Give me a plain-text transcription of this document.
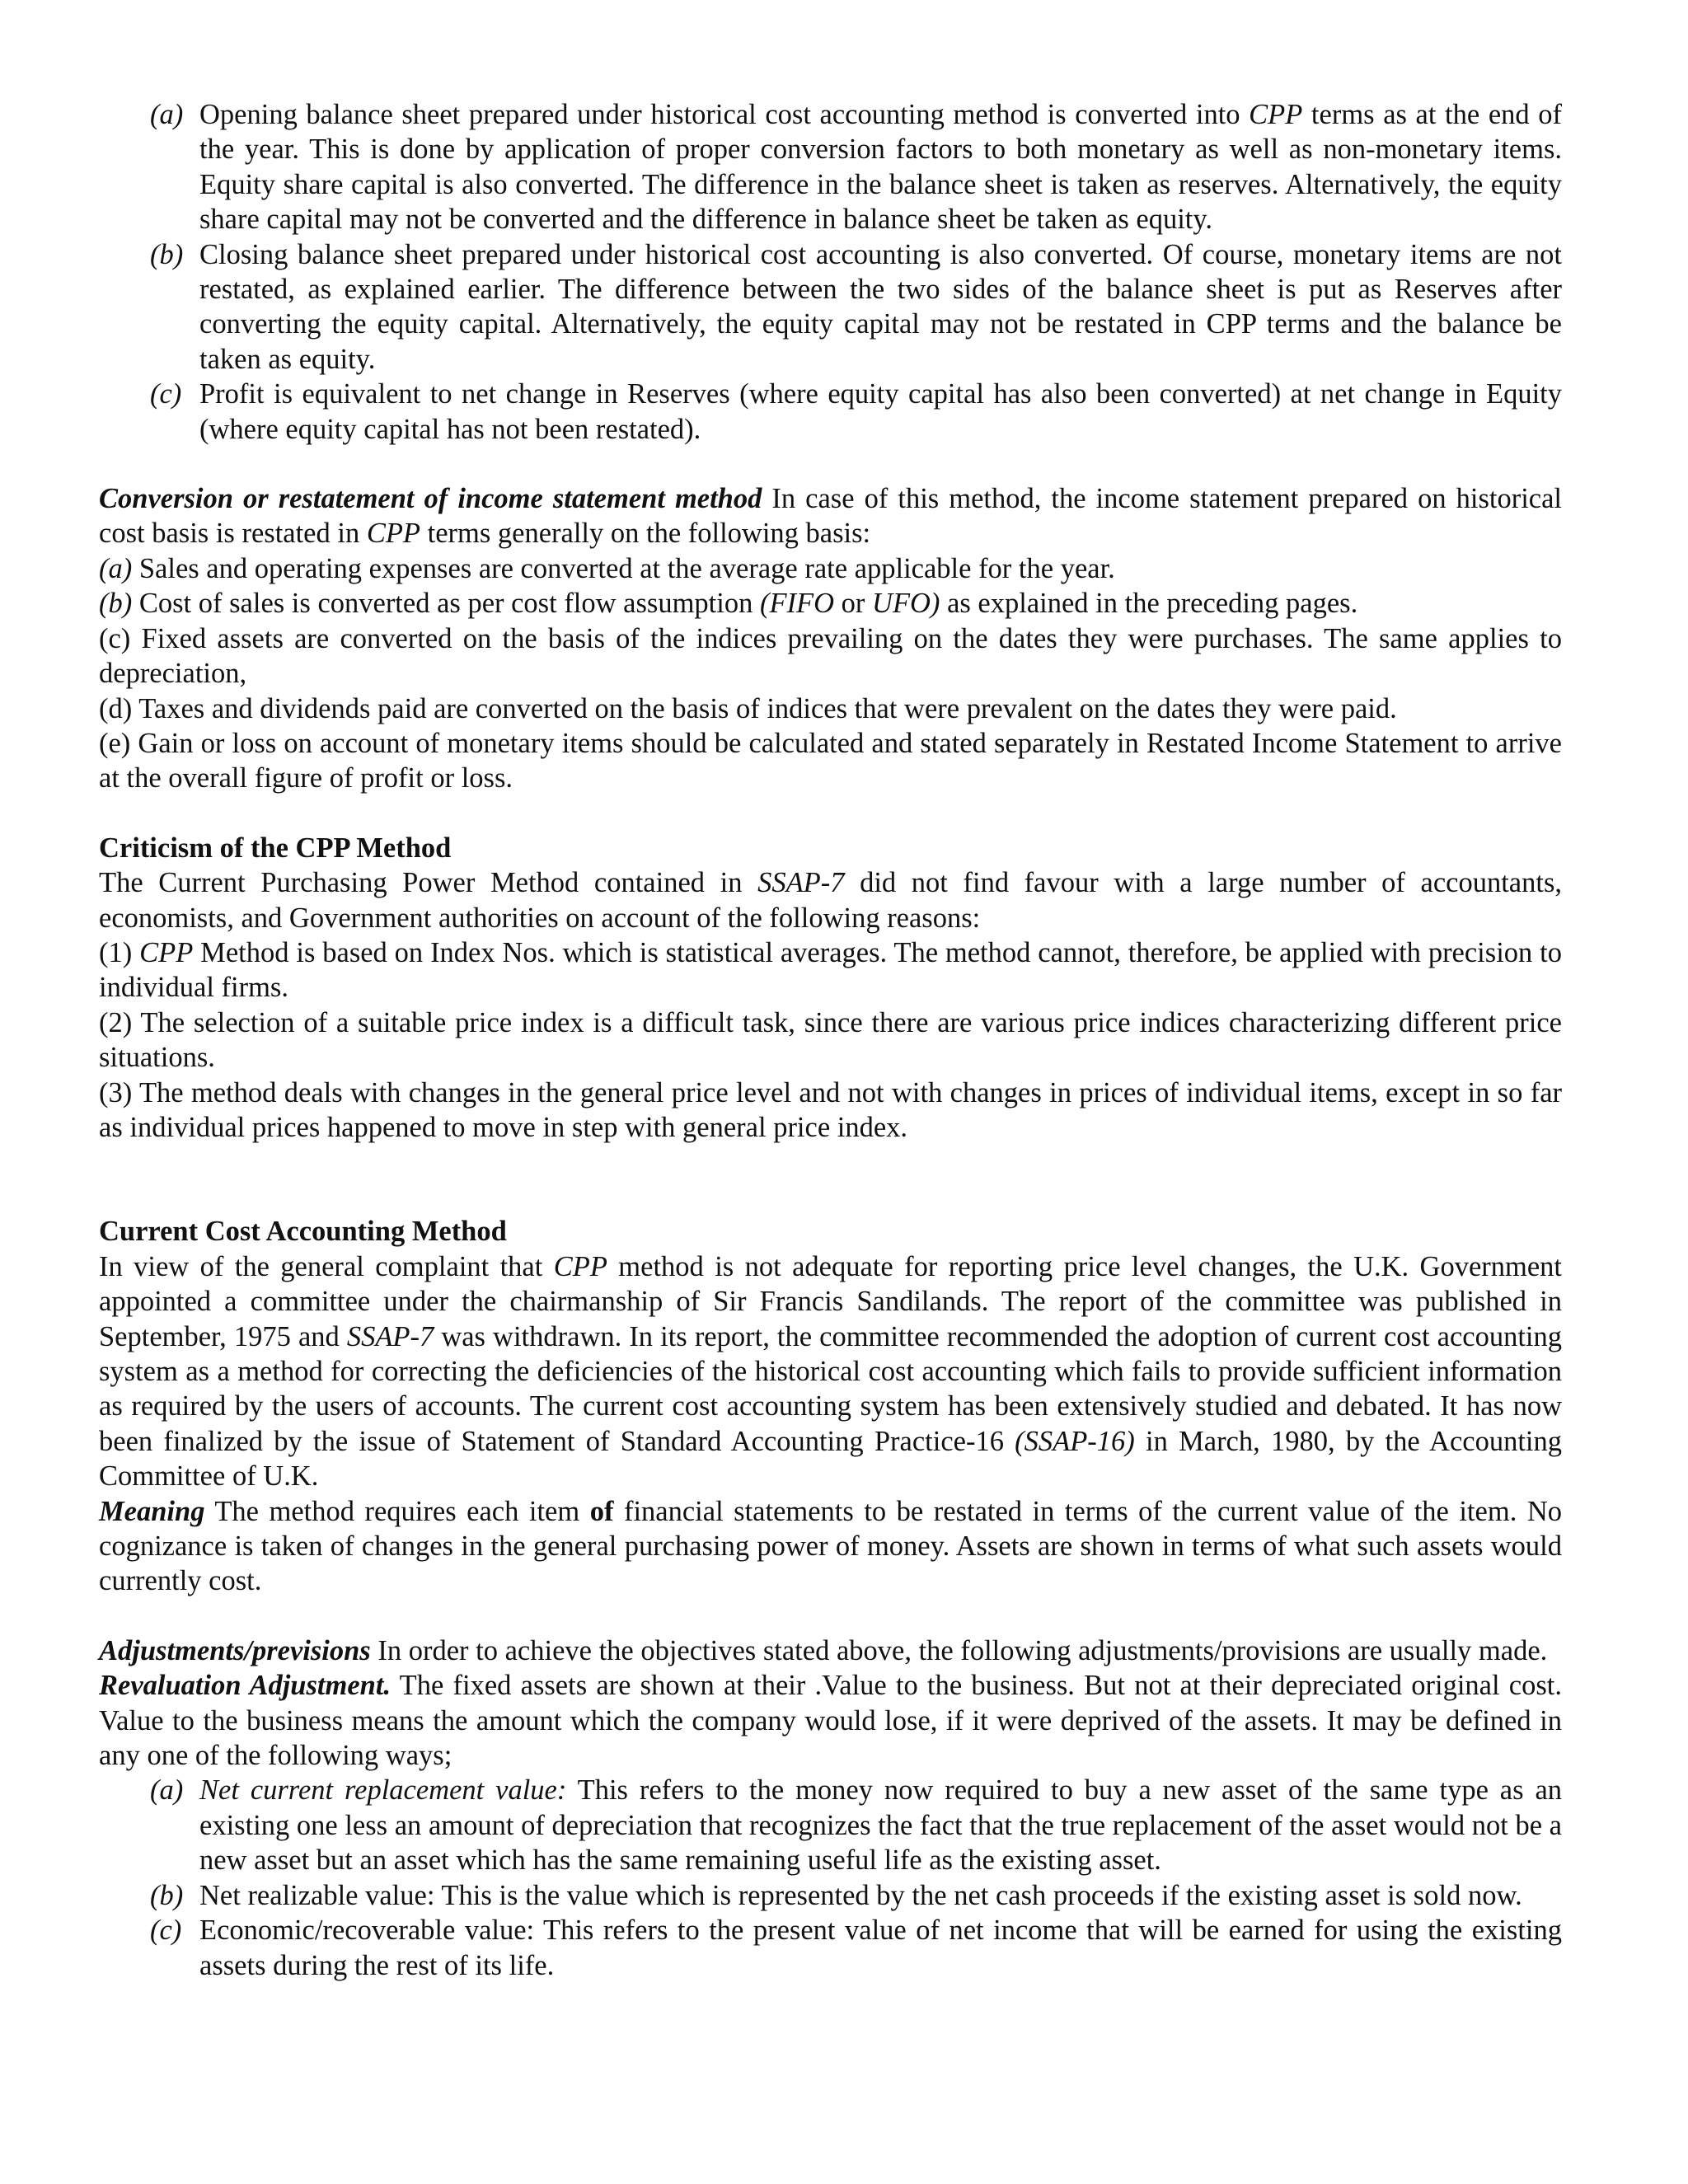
(a) Opening balance sheet prepared under historical cost accounting method is converted into CPP terms as at the end of the year. This is done by application of proper conversion factors to both monetary as well as non-monetary items. Equity share capital is also converted. The difference in the balance sheet is taken as reserves. Alternatively, the equity share capital may not be converted and the difference in balance sheet be taken as equity.
(b) Closing balance sheet prepared under historical cost accounting is also converted. Of course, monetary items are not restated, as explained earlier. The difference between the two sides of the balance sheet is put as Reserves after converting the equity capital. Alternatively, the equity capital may not be restated in CPP terms and the balance be taken as equity.
(c) Profit is equivalent to net change in Reserves (where equity capital has also been converted) at net change in Equity (where equity capital has not been restated).

Conversion or restatement of income statement method In case of this method, the income statement prepared on historical cost basis is restated in CPP terms generally on the following basis:

(a) Sales and operating expenses are converted at the average rate applicable for the year.

(b) Cost of sales is converted as per cost flow assumption (FIFO or UFO) as explained in the preceding pages.

(c) Fixed assets are converted on the basis of the indices prevailing on the dates they were purchases. The same applies to depreciation,

(d) Taxes and dividends paid are converted on the basis of indices that were prevalent on the dates they were paid.

(e) Gain or loss on account of monetary items should be calculated and stated separately in Restated Income Statement to arrive at the overall figure of profit or loss.

Criticism of the CPP Method

The Current Purchasing Power Method contained in SSAP-7 did not find favour with a large number of accountants, economists, and Government authorities on account of the following reasons:

(1) CPP Method is based on Index Nos. which is statistical averages. The method cannot, therefore, be applied with precision to individual firms.

(2) The selection of a suitable price index is a difficult task, since there are various price indices characterizing different price situations.

(3) The method deals with changes in the general price level and not with changes in prices of individual items, except in so far as individual prices happened to move in step with general price index.

Current Cost Accounting Method

In view of the general complaint that CPP method is not adequate for reporting price level changes, the U.K. Government appointed a committee under the chairmanship of Sir Francis Sandilands. The report of the committee was published in September, 1975 and SSAP-7 was withdrawn. In its report, the committee recommended the adoption of current cost accounting system as a method for correcting the deficiencies of the historical cost accounting which fails to provide sufficient information as required by the users of accounts. The current cost accounting system has been extensively studied and debated. It has now been finalized by the issue of Statement of Standard Accounting Practice-16 (SSAP-16) in March, 1980, by the Accounting Committee of U.K.

Meaning The method requires each item of financial statements to be restated in terms of the current value of the item. No cognizance is taken of changes in the general purchasing power of money. Assets are shown in terms of what such assets would currently cost.

Adjustments/previsions In order to achieve the objectives stated above, the following adjustments/provisions are usually made.

Revaluation Adjustment. The fixed assets are shown at their .Value to the business. But not at their depreciated original cost. Value to the business means the amount which the company would lose, if it were deprived of the assets. It may be defined in any one of the following ways;

(a) Net current replacement value: This refers to the money now required to buy a new asset of the same type as an existing one less an amount of depreciation that recognizes the fact that the true replacement of the asset would not be a new asset but an asset which has the same remaining useful life as the existing asset.
(b) Net realizable value: This is the value which is represented by the net cash proceeds if the existing asset is sold now.
(c) Economic/recoverable value: This refers to the present value of net income that will be earned for using the existing assets during the rest of its life.
